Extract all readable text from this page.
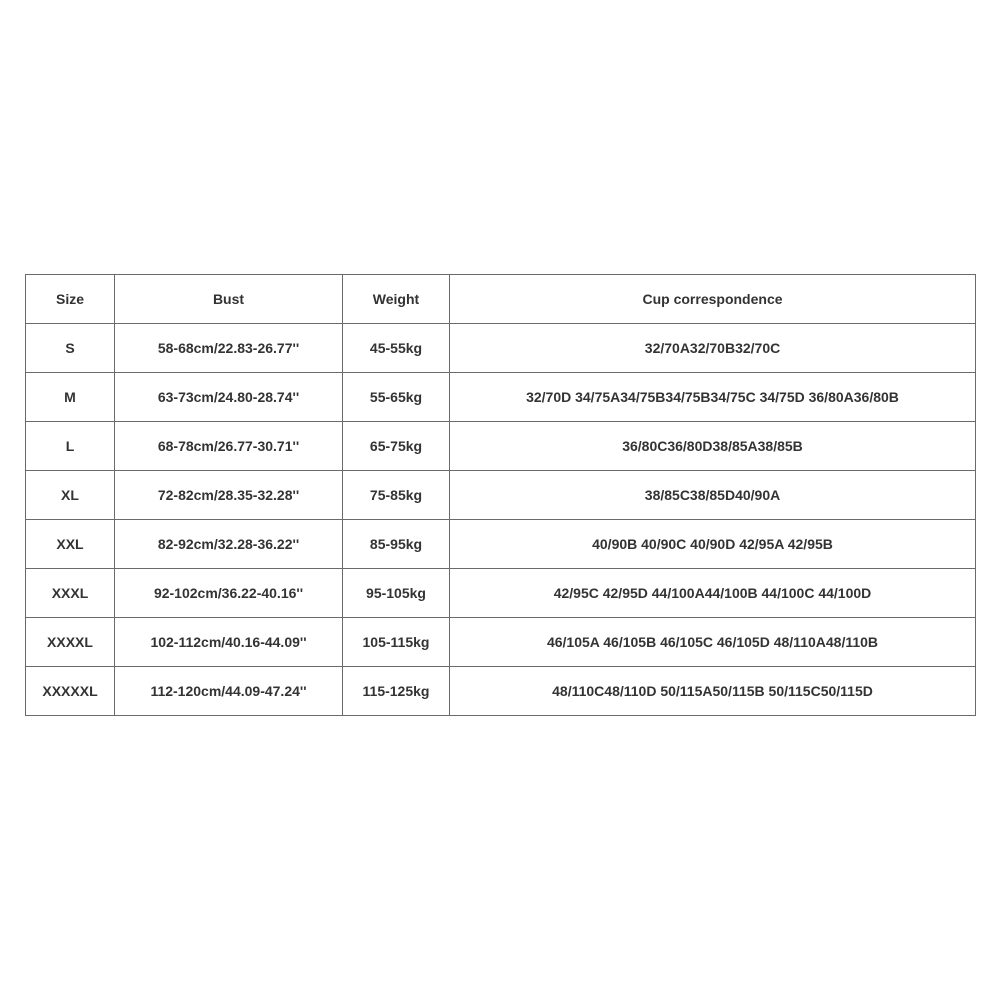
Size	Bust	Weight	Cup correspondence
S	58-68cm/22.83-26.77''	45-55kg	32/70A32/70B32/70C
M	63-73cm/24.80-28.74''	55-65kg	32/70D 34/75A34/75B34/75B34/75C 34/75D 36/80A36/80B
L	68-78cm/26.77-30.71''	65-75kg	36/80C36/80D38/85A38/85B
XL	72-82cm/28.35-32.28''	75-85kg	38/85C38/85D40/90A
XXL	82-92cm/32.28-36.22''	85-95kg	40/90B 40/90C 40/90D 42/95A 42/95B
XXXL	92-102cm/36.22-40.16''	95-105kg	42/95C 42/95D 44/100A44/100B 44/100C 44/100D
XXXXL	102-112cm/40.16-44.09''	105-115kg	46/105A 46/105B 46/105C 46/105D 48/110A48/110B
XXXXXL	112-120cm/44.09-47.24''	115-125kg	48/110C48/110D 50/115A50/115B 50/115C50/115D
